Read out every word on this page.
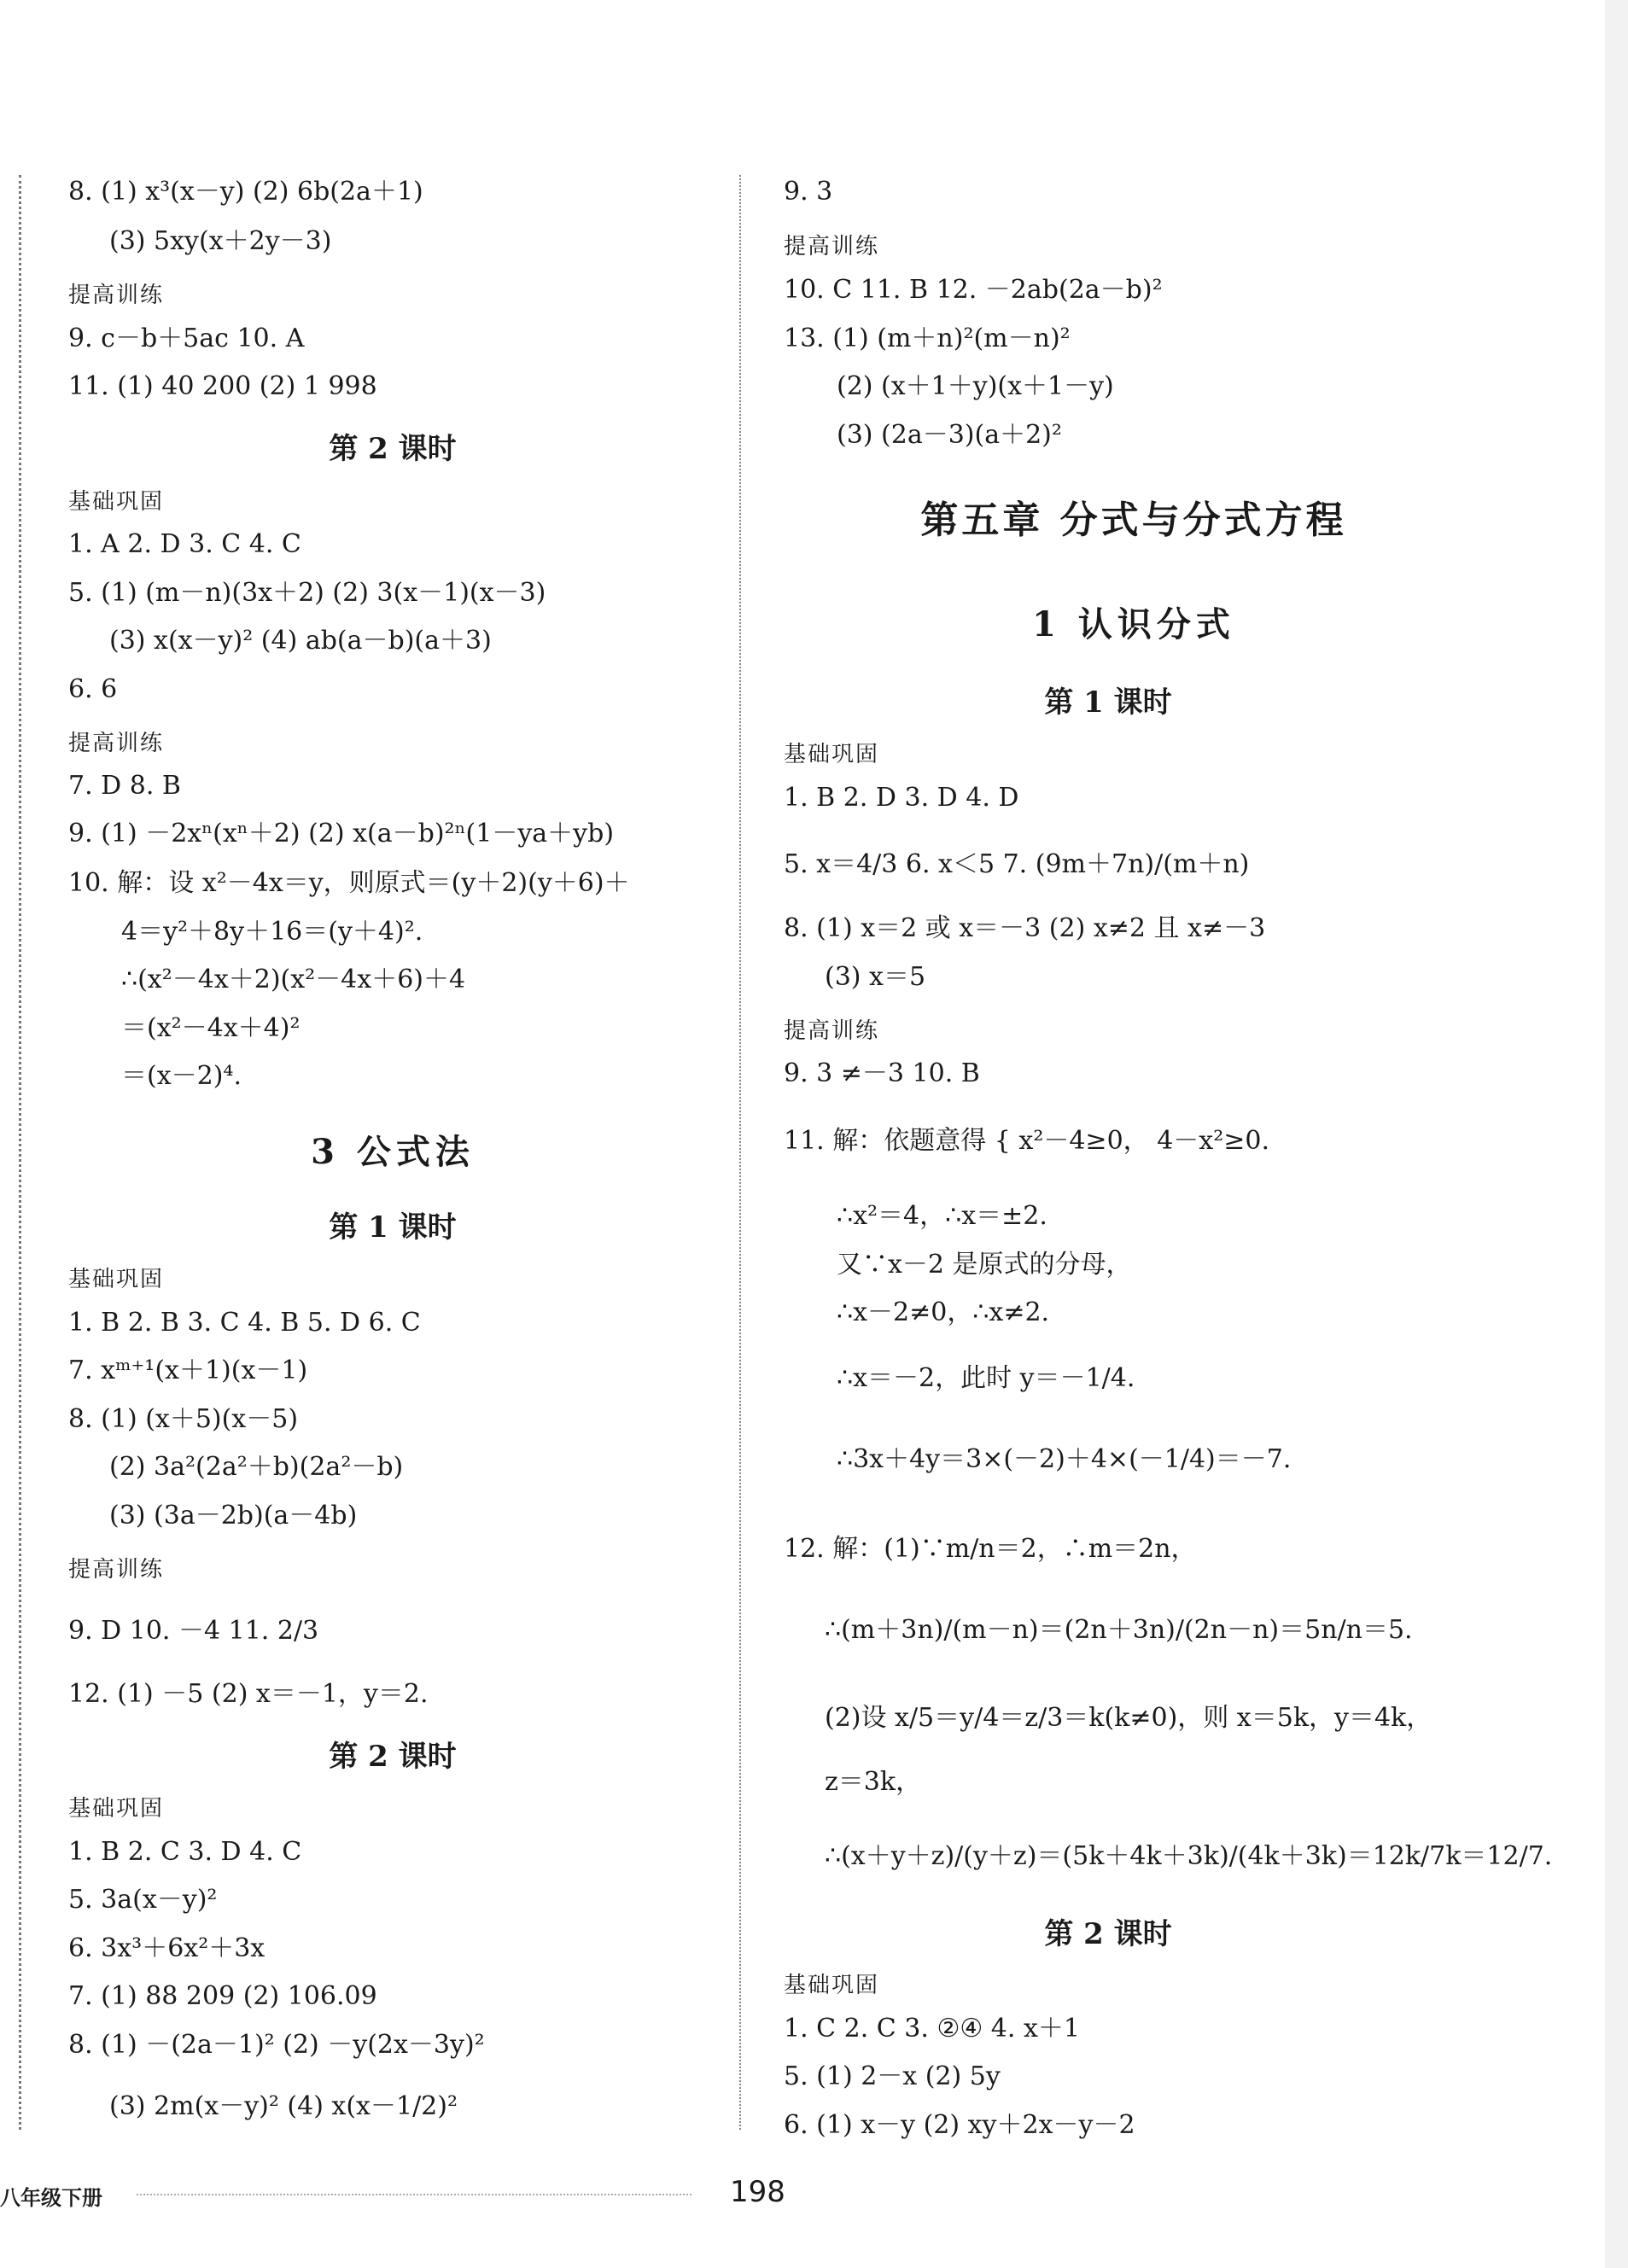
8. (1) x³(x－y) (2) 6b(2a＋1)
(3) 5xy(x＋2y－3)
提高训练
9. c－b＋5ac 10. A
11. (1) 40 200 (2) 1 998
第 2 课时
基础巩固
1. A 2. D 3. C 4. C
5. (1) (m－n)(3x＋2) (2) 3(x－1)(x－3)
(3) x(x－y)² (4) ab(a－b)(a＋3)
6. 6
提高训练
7. D 8. B
9. (1) －2xⁿ(xⁿ＋2) (2) x(a－b)²ⁿ(1－ya＋yb)
10. 解：设 x²－4x＝y，则原式＝(y＋2)(y＋6)＋
4＝y²＋8y＋16＝(y＋4)².
∴(x²－4x＋2)(x²－4x＋6)＋4
＝(x²－4x＋4)²
＝(x－2)⁴.
3 公式法
第 1 课时
基础巩固
1. B 2. B 3. C 4. B 5. D 6. C
7. xᵐ⁺¹(x＋1)(x－1)
8. (1) (x＋5)(x－5)
(2) 3a²(2a²＋b)(2a²－b)
(3) (3a－2b)(a－4b)
提高训练
9. D 10. －4 11. 2/3
12. (1) －5 (2) x＝－1，y＝2.
第 2 课时
基础巩固
1. B 2. C 3. D 4. C
5. 3a(x－y)²
6. 3x³＋6x²＋3x
7. (1) 88 209 (2) 106.09
8. (1) －(2a－1)² (2) －y(2x－3y)²
(3) 2m(x－y)² (4) x(x－1/2)²
9. 3
提高训练
10. C 11. B 12. －2ab(2a－b)²
13. (1) (m＋n)²(m－n)²
(2) (x＋1＋y)(x＋1－y)
(3) (2a－3)(a＋2)²
第五章 分式与分式方程
1 认识分式
第 1 课时
基础巩固
1. B 2. D 3. D 4. D
5. x＝4/3 6. x＜5 7. (9m＋7n)/(m＋n)
8. (1) x＝2 或 x＝－3 (2) x≠2 且 x≠－3
(3) x＝5
提高训练
9. 3 ≠－3 10. B
11. 解：依题意得 { x²－4≥0， 4－x²≥0.
∴x²＝4，∴x＝±2.
又∵x－2 是原式的分母，
∴x－2≠0，∴x≠2.
∴x＝－2，此时 y＝－1/4.
∴3x＋4y＝3×(－2)＋4×(－1/4)＝－7.
12. 解：(1)∵m/n＝2，∴m＝2n，
∴(m＋3n)/(m－n)＝(2n＋3n)/(2n－n)＝5n/n＝5.
(2)设 x/5＝y/4＝z/3＝k(k≠0)，则 x＝5k，y＝4k，
z＝3k，
∴(x＋y＋z)/(y＋z)＝(5k＋4k＋3k)/(4k＋3k)＝12k/7k＝12/7.
第 2 课时
基础巩固
1. C 2. C 3. ②④ 4. x＋1
5. (1) 2－x (2) 5y
6. (1) x－y (2) xy＋2x－y－2
八年级下册	198
